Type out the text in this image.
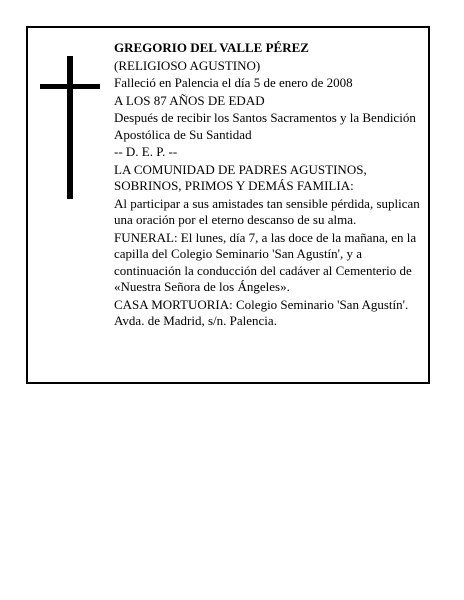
GREGORIO DEL VALLE PÉREZ

(RELIGIOSO AGUSTINO)

Falleció en Palencia el día 5 de enero de 2008

A LOS 87 AÑOS DE EDAD

Después de recibir los Santos Sacramentos y la Bendición Apostólica de Su Santidad

-- D. E. P. --

LA COMUNIDAD DE PADRES AGUSTINOS, SOBRINOS, PRIMOS Y DEMÁS FAMILIA:

Al participar a sus amistades tan sensible pérdida, suplican una oración por el eterno descanso de su alma.

FUNERAL: El lunes, día 7, a las doce de la mañana, en la capilla del Colegio Seminario 'San Agustín', y a continuación la conducción del cadáver al Cementerio de «Nuestra Señora de los Ángeles».

CASA MORTUORIA: Colegio Seminario 'San Agustín'. Avda. de Madrid, s/n. Palencia.
